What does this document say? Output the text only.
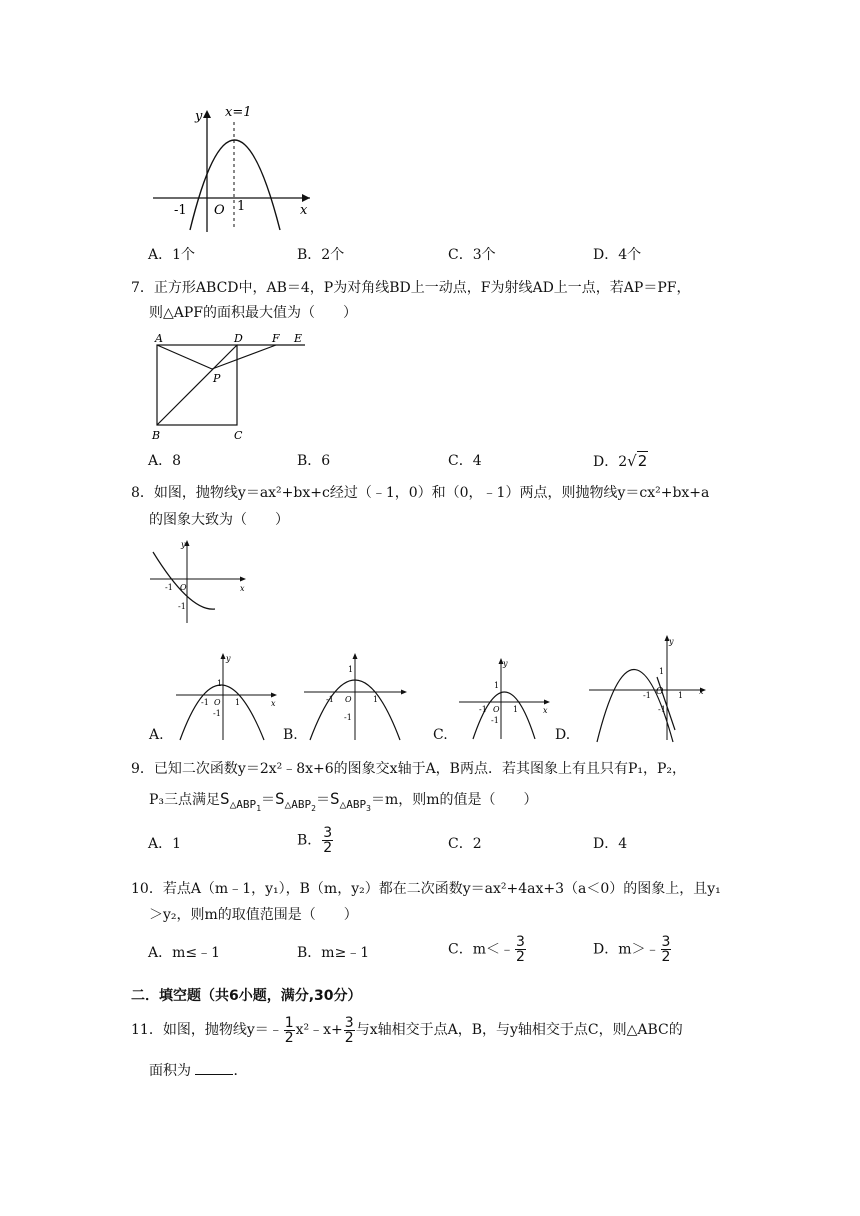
y x=1
x
-1 O 1
A．1个	B．2个	C．3个	D．4个
7．正方形ABCD中，AB＝4，P为对角线BD上一动点，F为射线AD上一点，若AP＝PF，
则△APF的面积最大值为（　　）
A	D	F E
P
B	C
A．8	B．6	C．4	D．2√2
8．如图，抛物线y＝ax²+bx+c经过（﹣1，0）和（0，﹣1）两点，则抛物线y＝cx²+bx+a
的图象大致为（　　）
y
x
O
-1
-1
y
x
1
-1 O 1
-1
A.
1
-1 O	1
-1
B.
y
x
1
-1 O 1
-1
C.
y
x
1
-1 O 1
-1
D.
9．已知二次函数y＝2x²﹣8x+6的图象交x轴于A，B两点．若其图象上有且只有P₁，P₂，
P₃三点满足$S_{\triangle ABP_1}=S_{\triangle ABP_2}=S_{\triangle ABP_3}=m$，则m的值是（　　）
A．1	B． $\frac{3}{2}$	C．2	D．4
10．若点A（m﹣1，y₁），B（m，y₂）都在二次函数y＝ax²+4ax+3（a＜0）的图象上，且y₁
＞y₂，则m的取值范围是（　　）
A．m≤﹣1	B．m≥﹣1	C．m＜﹣ $\frac{3}{2}$	D．m＞﹣ $\frac{3}{2}$
二．填空题（共6小题，满分,30分）
11．如图，抛物线y＝﹣ $\frac{1}{2}$ x²﹣x+ $\frac{3}{2}$ 与x轴相交于点A，B，与y轴相交于点C，则△ABC的
面积为	．
